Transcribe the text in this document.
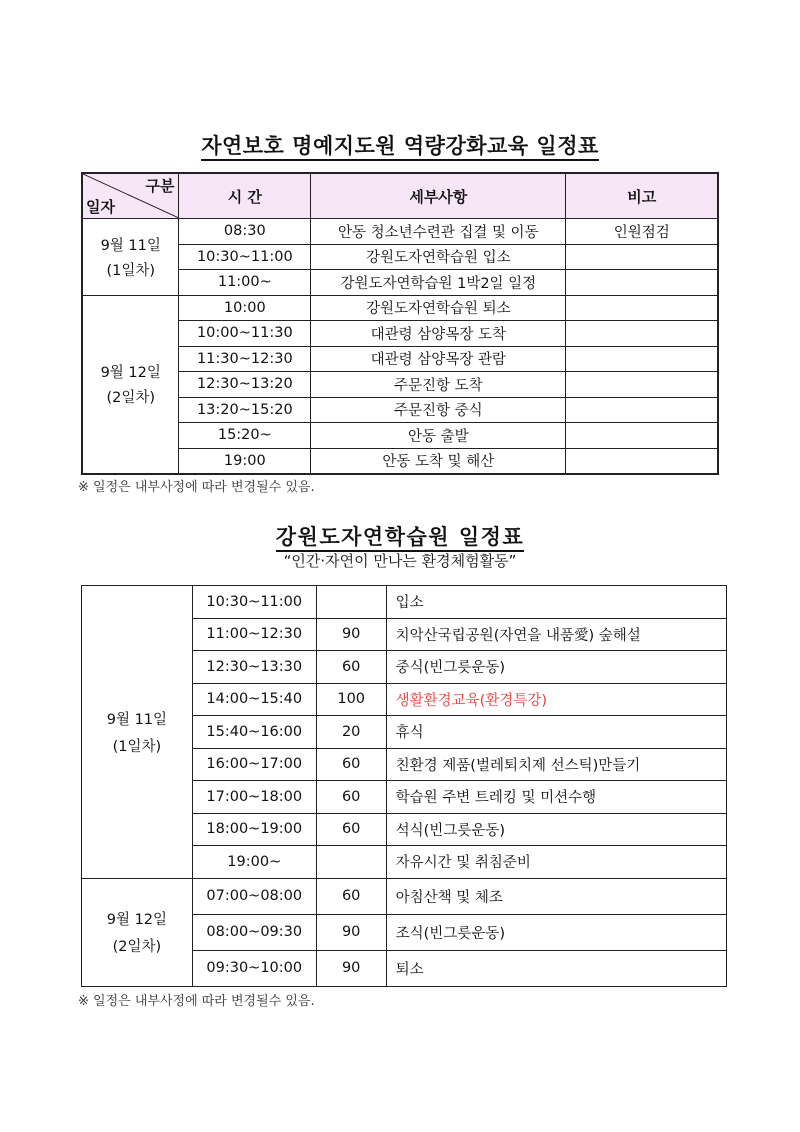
자연보호 명예지도원 역량강화교육 일정표
구분
일자	시 간	세부사항	비고

9월 11일
(1일차)	08:30	안동 청소년수련관 집결 및 이동	인원점검
	10:30~11:00	강원도자연학습원 입소	
	11:00~	강원도자연학습원 1박2일 일정	

9월 12일
(2일차)	10:00	강원도자연학습원 퇴소	
	10:00~11:30	대관령 삼양목장 도착	
	11:30~12:30	대관령 삼양목장 관람	
	12:30~13:20	주문진항 도착	
	13:20~15:20	주문진항 중식	
	15:20~	안동 출발	
	19:00	안동 도착 및 해산	
※ 일정은 내부사정에 따라 변경될수 있음.
강원도자연학습원 일정표
“인간·자연이 만나는 환경체험활동”
9월 11일
(1일차)	10:30~11:00		입소
	11:00~12:30	90	치악산국립공원(자연을 내품愛) 숲해설
	12:30~13:30	60	중식(빈그릇운동)
	14:00~15:40	100	생활환경교육(환경특강)
	15:40~16:00	20	휴식
	16:00~17:00	60	친환경 제품(벌레퇴치제 선스틱)만들기
	17:00~18:00	60	학습원 주변 트레킹 및 미션수행
	18:00~19:00	60	석식(빈그릇운동)
	19:00~		자유시간 및 취침준비

9월 12일
(2일차)	07:00~08:00	60	아침산책 및 체조
	08:00~09:30	90	조식(빈그릇운동)
	09:30~10:00	90	퇴소
※ 일정은 내부사정에 따라 변경될수 있음.
